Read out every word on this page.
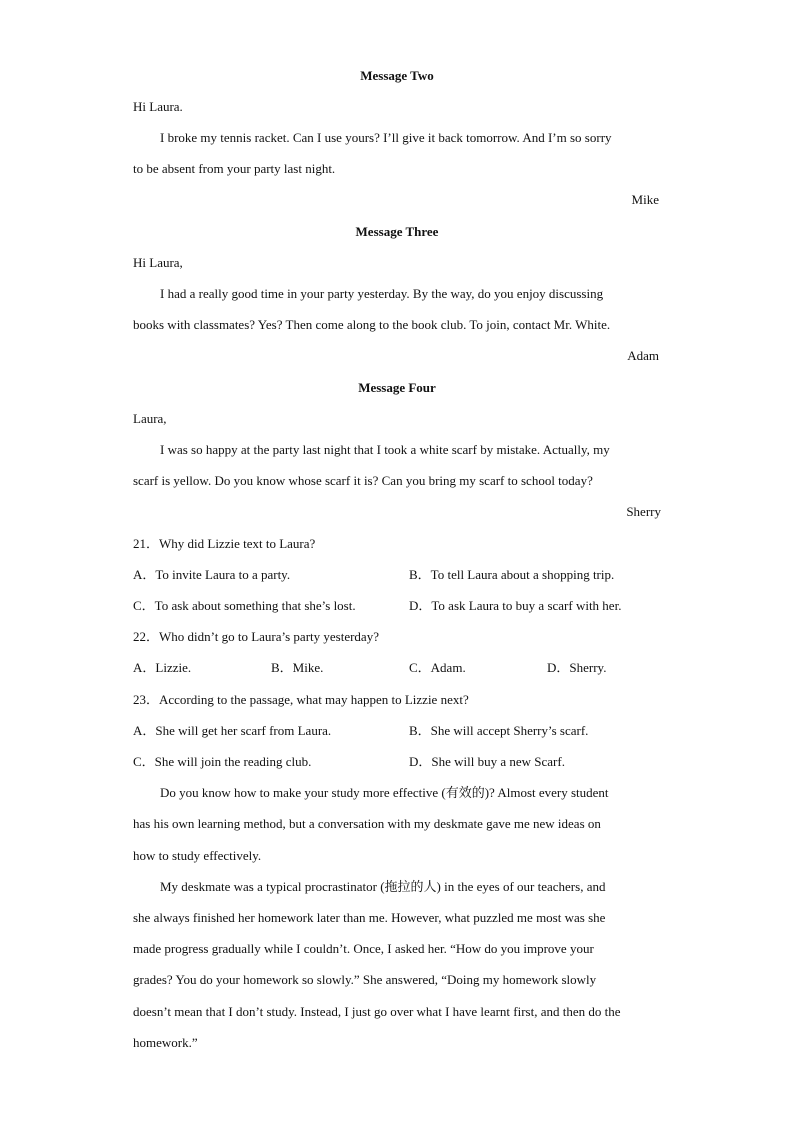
Message Two
Hi Laura.
I broke my tennis racket. Can I use yours? I’ll give it back tomorrow. And I’m so sorry
to be absent from your party last night.
Mike
Message Three
Hi Laura,
I had a really good time in your party yesterday. By the way, do you enjoy discussing
books with classmates? Yes? Then come along to the book club. To join, contact Mr. White.
Adam
Message Four
Laura,
I was so happy at the party last night that I took a white scarf by mistake. Actually, my
scarf is yellow. Do you know whose scarf it is? Can you bring my scarf to school today?
Sherry
21．Why did Lizzie text to Laura?
A．To invite Laura to a party.	B．To tell Laura about a shopping trip.
C．To ask about something that she’s lost.	D．To ask Laura to buy a scarf with her.
22．Who didn’t go to Laura’s party yesterday?
A．Lizzie.	B．Mike.	C．Adam.	D．Sherry.
23．According to the passage, what may happen to Lizzie next?
A．She will get her scarf from Laura.	B．She will accept Sherry’s scarf.
C．She will join the reading club.	D．She will buy a new Scarf.
Do you know how to make your study more effective (有效的)? Almost every student
has his own learning method, but a conversation with my deskmate gave me new ideas on
how to study effectively.
My deskmate was a typical procrastinator (拖拉的人) in the eyes of our teachers, and
she always finished her homework later than me. However, what puzzled me most was she
made progress gradually while I couldn’t. Once, I asked her. “How do you improve your
grades? You do your homework so slowly.” She answered, “Doing my homework slowly
doesn’t mean that I don’t study. Instead, I just go over what I have learnt first, and then do the
homework.”
